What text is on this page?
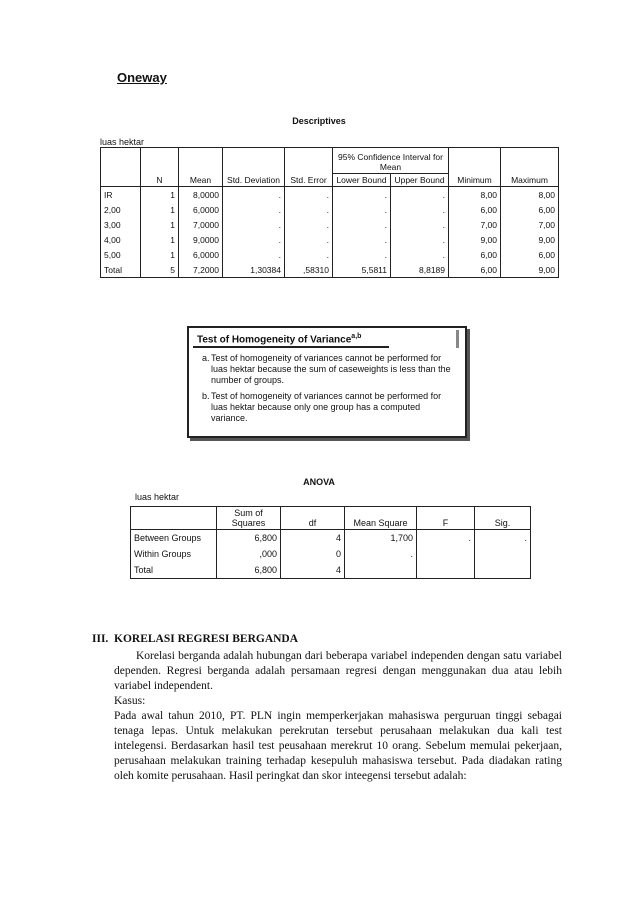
Oneway
Descriptives
luas hektar
	N	Mean	Std. Deviation	Std. Error	95% Confidence Interval for Mean		Minimum	Maximum
					Lower Bound	Upper Bound		
IR	1	8,0000	.	.	.	.	8,00	8,00
2,00	1	6,0000	.	.	.	.	6,00	6,00
3,00	1	7,0000	.	.	.	.	7,00	7,00
4,00	1	9,0000	.	.	.	.	9,00	9,00
5,00	1	6,0000	.	.	.	.	6,00	6,00
Total	5	7,2000	1,30384	,58310	5,5811	8,8189	6,00	9,00
Test of Homogeneity of Variance$^{a,b}$
a. Test of homogeneity of variances cannot be performed for luas hektar because the sum of caseweights is less than the number of groups.
b. Test of homogeneity of variances cannot be performed for luas hektar because only one group has a computed variance.
ANOVA
luas hektar
	Sum of Squares	df	Mean Square	F	Sig.
Between Groups	6,800	4	1,700	.	.
Within Groups	,000	0	.		
Total	6,800	4			
III. KORELASI REGRESI BERGANDA
Korelasi berganda adalah hubungan dari beberapa variabel independen dengan satu variabel dependen. Regresi berganda adalah persamaan regresi dengan menggunakan dua atau lebih variabel independent.
Kasus:
Pada awal tahun 2010, PT. PLN ingin memperkerjakan mahasiswa perguruan tinggi sebagai tenaga lepas. Untuk melakukan perekrutan tersebut perusahaan melakukan dua kali test intelegensi. Berdasarkan hasil test peusahaan merekrut 10 orang. Sebelum memulai pekerjaan, perusahaan melakukan training terhadap kesepuluh mahasiswa tersebut. Pada diadakan rating oleh komite perusahaan. Hasil peringkat dan skor inteegensi tersebut adalah:
